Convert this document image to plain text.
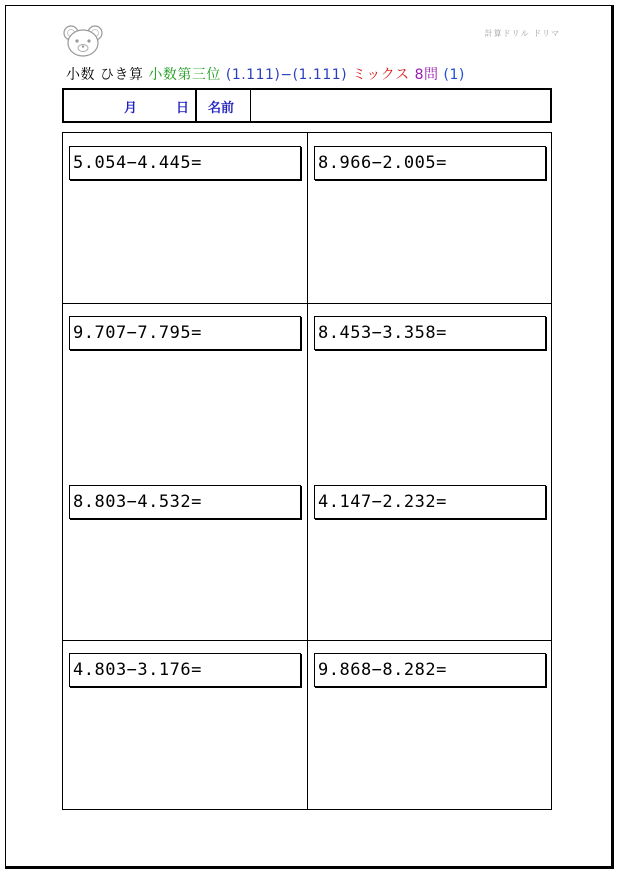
計算ドリル ドリマ
小数 ひき算 小数第三位 (1.111)−(1.111) ミックス 8問 (1)
月	日 名前
5.054−4.445=	8.966−2.005=
9.707−7.795=	8.453−3.358=
8.803−4.532=	4.147−2.232=
4.803−3.176=	9.868−8.282=
